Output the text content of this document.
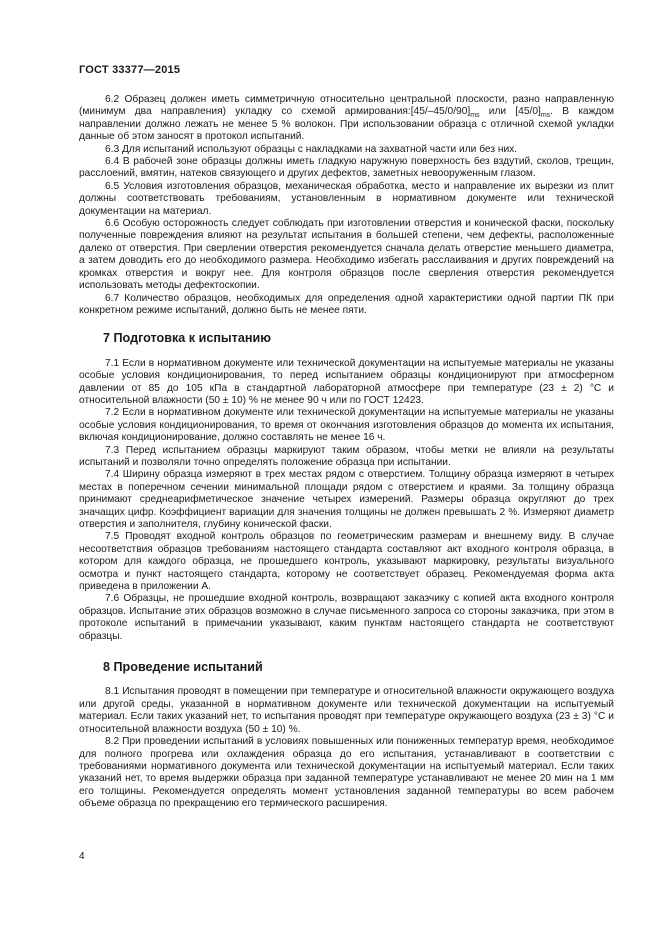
ГОСТ 33377—2015

6.2 Образец должен иметь симметричную относительно центральной плоскости, разно направленную (минимум два направления) укладку со схемой $армирования:[45/-45/0/90]_{ms}$ или $[45/0]_{ms}$. В каждом направлении должно лежать не менее 5 % волокон. При использовании образца с отличной схемой укладки данные об этом заносят в протокол испытаний.

6.3 Для испытаний используют образцы с накладками на захватной части или без них.

6.4 В рабочей зоне образцы должны иметь гладкую наружную поверхность без вздутий, сколов, трещин, расслоений, вмятин, натеков связующего и других дефектов, заметных невооруженным глазом.

6.5 Условия изготовления образцов, механическая обработка, место и направление их вырезки из плит должны соответствовать требованиям, установленным в нормативном документе или технической документации на материал.

6.6 Особую осторожность следует соблюдать при изготовлении отверстия и конической фаски, поскольку полученные повреждения влияют на результат испытания в большей степени, чем дефекты, расположенные далеко от отверстия. При сверлении отверстия рекомендуется сначала делать отверстие меньшего диаметра, а затем доводить его до необходимого размера. Необходимо избегать расслаивания и других повреждений на кромках отверстия и вокруг нее. Для контроля образцов после сверления отверстия рекомендуется использовать методы дефектоскопии.

6.7 Количество образцов, необходимых для определения одной характеристики одной партии ПК при конкретном режиме испытаний, должно быть не менее пяти.

7 Подготовка к испытанию

7.1 Если в нормативном документе или технической документации на испытуемые материалы не указаны особые условия кондиционирования, то перед испытанием образцы кондиционируют при атмосферном давлении от 85 до 105 кПа в стандартной лабораторной атмосфере при температуре (23 ± 2) °С и относительной влажности (50 ± 10) % не менее 90 ч или по ГОСТ 12423.

7.2 Если в нормативном документе или технической документации на испытуемые материалы не указаны особые условия кондиционирования, то время от окончания изготовления образцов до момента их испытания, включая кондиционирование, должно составлять не менее 16 ч.

7.3 Перед испытанием образцы маркируют таким образом, чтобы метки не влияли на результаты испытаний и позволяли точно определять положение образца при испытании.

7.4 Ширину образца измеряют в трех местах рядом с отверстием. Толщину образца измеряют в четырех местах в поперечном сечении минимальной площади рядом с отверстием и краями. За толщину образца принимают среднеарифметическое значение четырех измерений. Размеры образца округляют до трех значащих цифр. Коэффициент вариации для значения толщины не должен превышать 2 %. Измеряют диаметр отверстия и заполнителя, глубину конической фаски.

7.5 Проводят входной контроль образцов по геометрическим размерам и внешнему виду. В случае несоответствия образцов требованиям настоящего стандарта составляют акт входного контроля образца, в котором для каждого образца, не прошедшего контроль, указывают маркировку, результаты визуального осмотра и пункт настоящего стандарта, которому не соответствует образец. Рекомендуемая форма акта приведена в приложении А.

7.6 Образцы, не прошедшие входной контроль, возвращают заказчику с копией акта входного контроля образцов. Испытание этих образцов возможно в случае письменного запроса со стороны заказчика, при этом в протоколе испытаний в примечании указывают, каким пунктам настоящего стандарта не соответствуют образцы.

8 Проведение испытаний

8.1 Испытания проводят в помещении при температуре и относительной влажности окружающего воздуха или другой среды, указанной в нормативном документе или технической документации на испытуемый материал. Если таких указаний нет, то испытания проводят при температуре окружающего воздуха (23 ± 3) °С и относительной влажности воздуха (50 ± 10) %.

8.2 При проведении испытаний в условиях повышенных или пониженных температур время, необходимое для полного прогрева или охлаждения образца до его испытания, устанавливают в соответствии с требованиями нормативного документа или технической документации на испытуемый материал. Если таких указаний нет, то время выдержки образца при заданной температуре устанавливают не менее 20 мин на 1 мм его толщины. Рекомендуется определять момент установления заданной температуры во всем рабочем объеме образца по прекращению его термического расширения.

4
